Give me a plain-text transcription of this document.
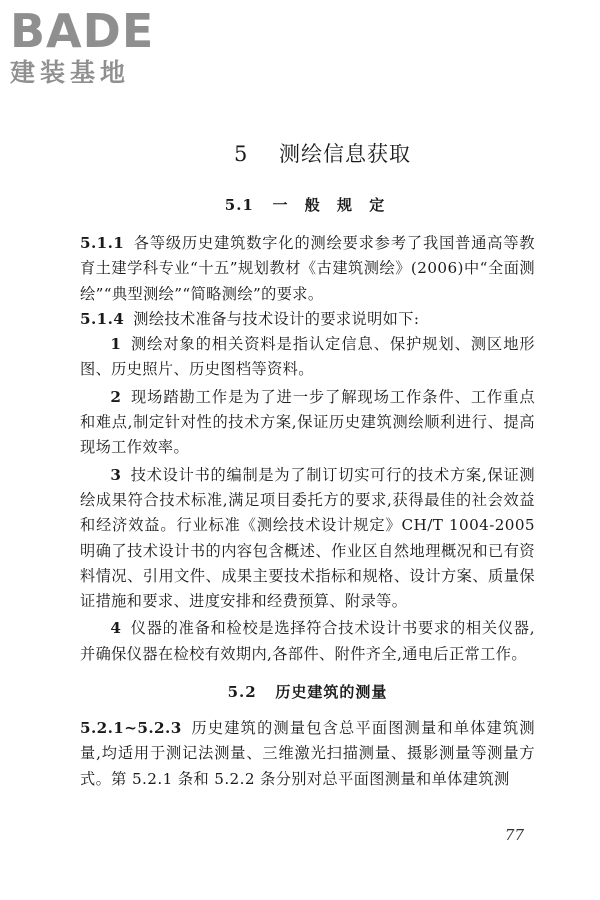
BADE
建装基地
5 测绘信息获取
5.1 一 般 规 定

5.1.1 各等级历史建筑数字化的测绘要求参考了我国普通高等教育土建学科专业“十五”规划教材《古建筑测绘》(2006)中“全面测绘”“典型测绘”“简略测绘”的要求。

5.1.4 测绘技术准备与技术设计的要求说明如下:

1 测绘对象的相关资料是指认定信息、保护规划、测区地形图、历史照片、历史图档等资料。

2 现场踏勘工作是为了进一步了解现场工作条件、工作重点和难点,制定针对性的技术方案,保证历史建筑测绘顺利进行、提高现场工作效率。

3 技术设计书的编制是为了制订切实可行的技术方案,保证测绘成果符合技术标准,满足项目委托方的要求,获得最佳的社会效益和经济效益。行业标准《测绘技术设计规定》CH/T 1004-2005 明确了技术设计书的内容包含概述、作业区自然地理概况和已有资料情况、引用文件、成果主要技术指标和规格、设计方案、质量保证措施和要求、进度安排和经费预算、附录等。

4 仪器的准备和检校是选择符合技术设计书要求的相关仪器,并确保仪器在检校有效期内,各部件、附件齐全,通电后正常工作。

5.2 历史建筑的测量

5.2.1~5.2.3 历史建筑的测量包含总平面图测量和单体建筑测量,均适用于测记法测量、三维激光扫描测量、摄影测量等测量方式。第 5.2.1 条和 5.2.2 条分别对总平面图测量和单体建筑测

77
